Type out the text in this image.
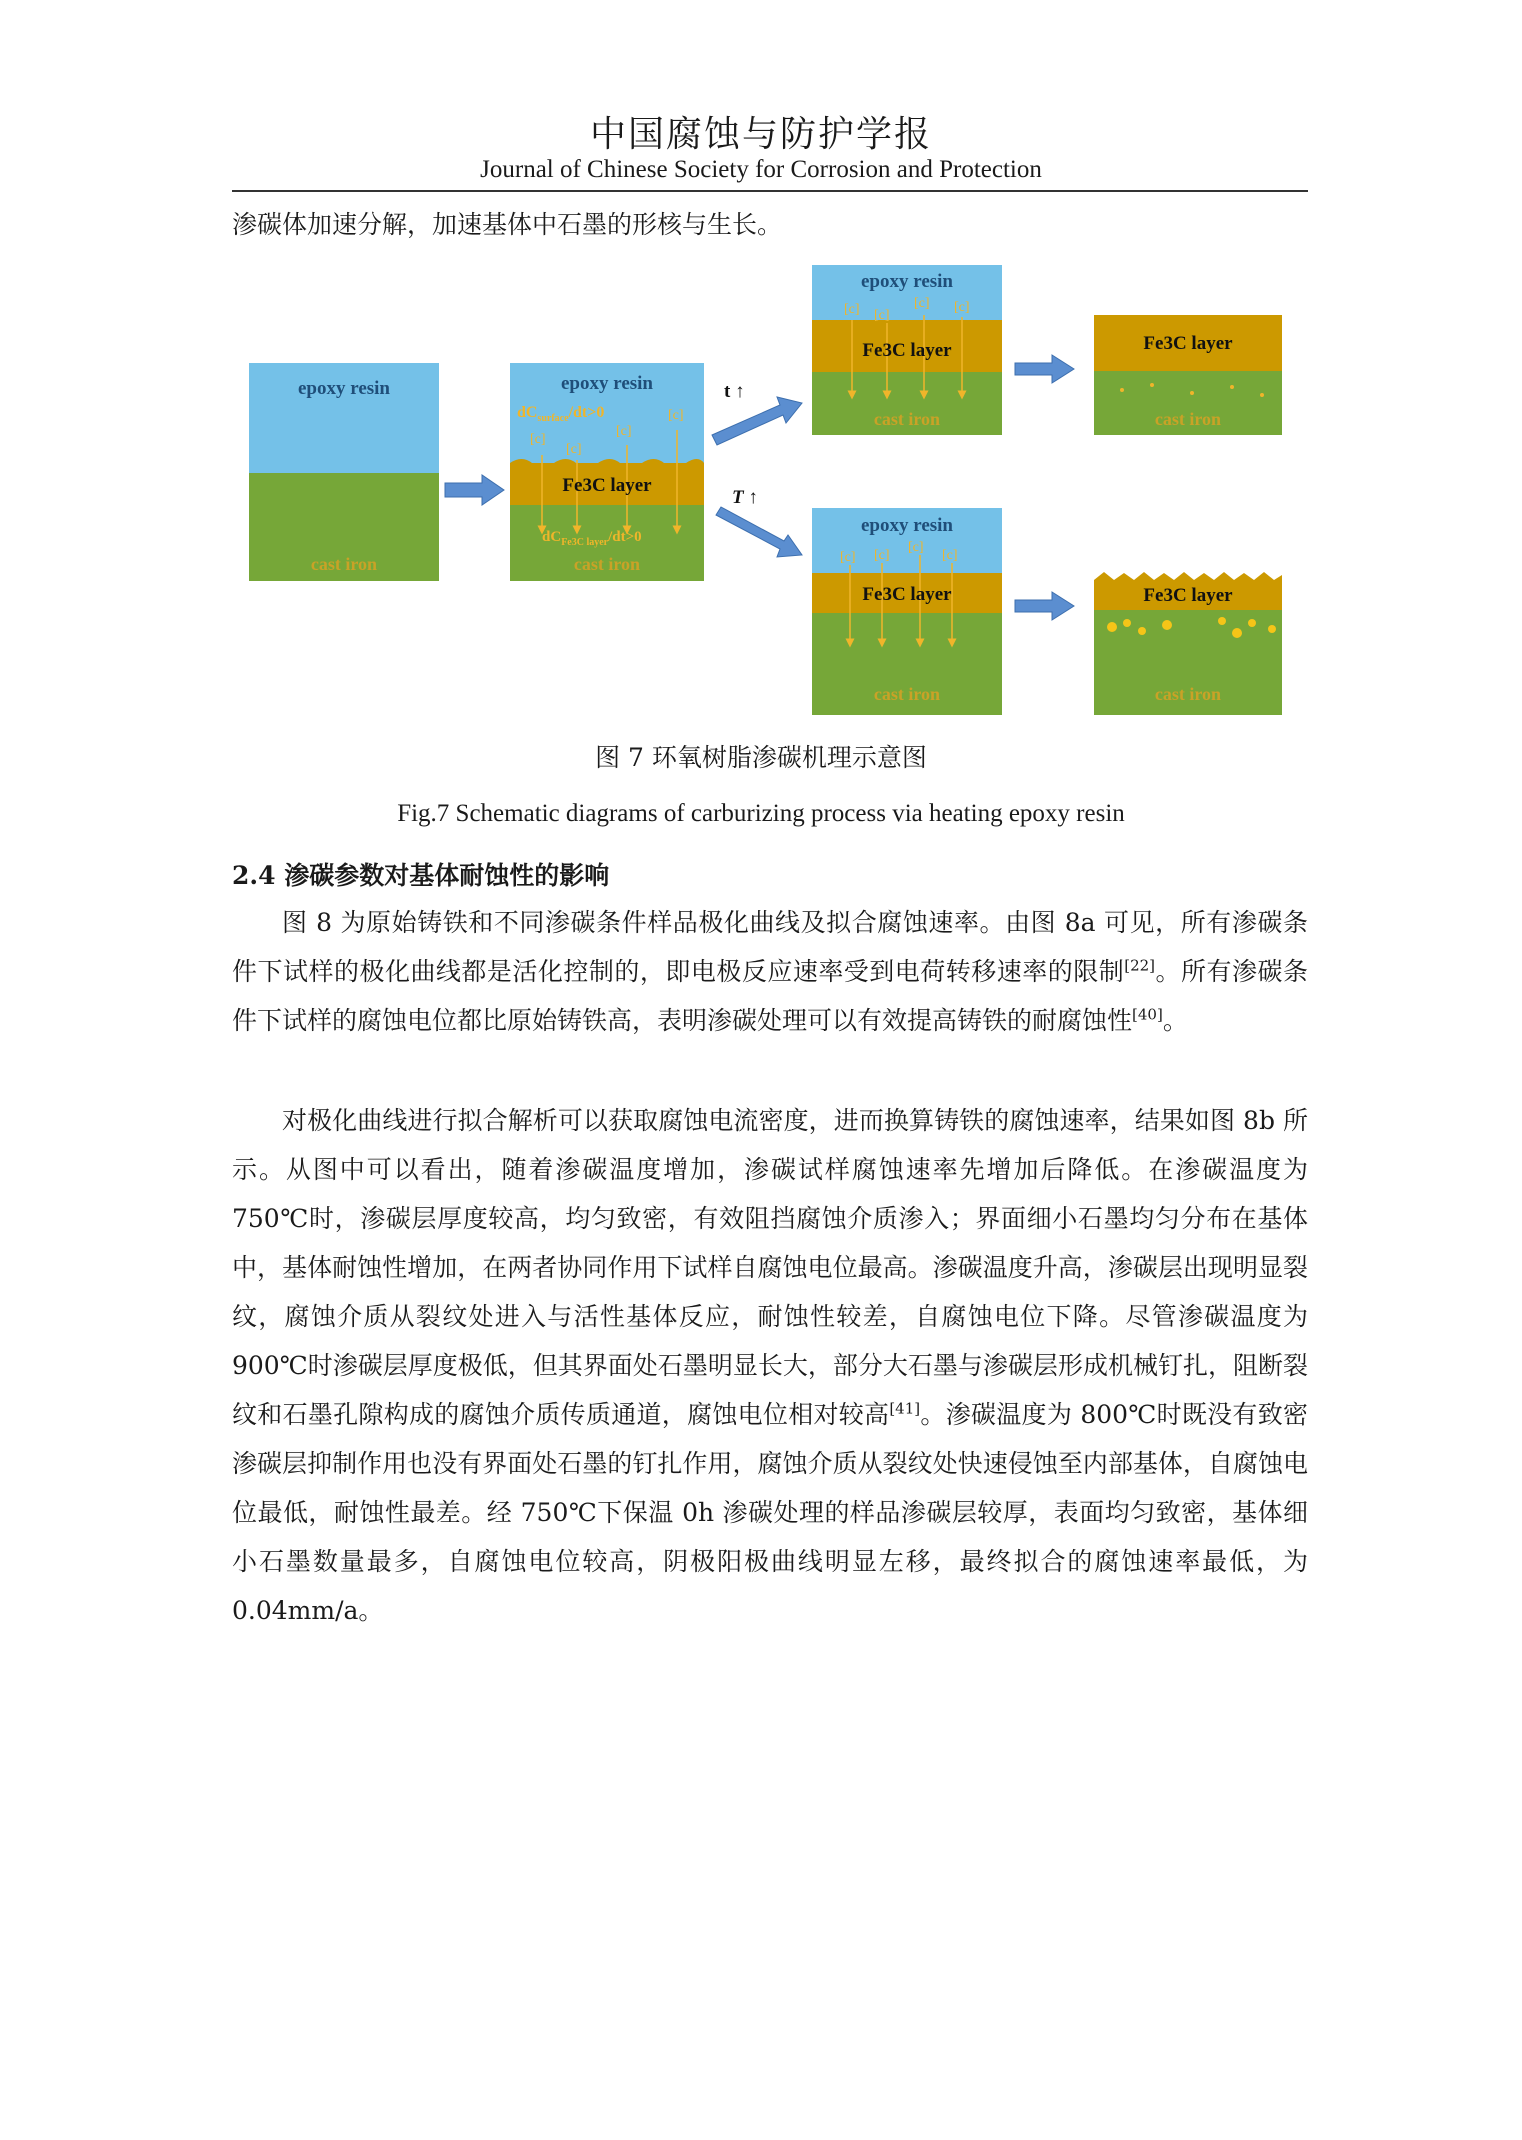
中国腐蚀与防护学报
Journal of Chinese Society for Corrosion and Protection
渗碳体加速分解，加速基体中石墨的形核与生长。
epoxy resin
cast iron
epoxy resin
$dC_{surface}/dt>0$
[c]
[c]
[c]
[c]
Fe3C layer
$dC_{Fe3C layer}/dt>0$
cast iron
t ↑
T ↑
epoxy resin
[c] [c]
[c] [c]
Fe3C layer
cast iron
Fe3C layer
cast iron
epoxy resin
[c] [c]
[c]
[c]
Fe3C layer
cast iron
Fe3C layer
cast iron
图 7 环氧树脂渗碳机理示意图
Fig.7 Schematic diagrams of carburizing process via heating epoxy resin
2.4 渗碳参数对基体耐蚀性的影响

图 8 为原始铸铁和不同渗碳条件样品极化曲线及拟合腐蚀速率。由图 8a 可见，所有渗碳条件下试样的极化曲线都是活化控制的，即电极反应速率受到电荷转移速率的限制[22]。所有渗碳条件下试样的腐蚀电位都比原始铸铁高，表明渗碳处理可以有效提高铸铁的耐腐蚀性[40]。

对极化曲线进行拟合解析可以获取腐蚀电流密度，进而换算铸铁的腐蚀速率，结果如图 8b 所示。从图中可以看出，随着渗碳温度增加，渗碳试样腐蚀速率先增加后降低。在渗碳温度为 750℃时，渗碳层厚度较高，均匀致密，有效阻挡腐蚀介质渗入；界面细小石墨均匀分布在基体中，基体耐蚀性增加，在两者协同作用下试样自腐蚀电位最高。渗碳温度升高，渗碳层出现明显裂纹，腐蚀介质从裂纹处进入与活性基体反应，耐蚀性较差，自腐蚀电位下降。尽管渗碳温度为 900℃时渗碳层厚度极低，但其界面处石墨明显长大，部分大石墨与渗碳层形成机械钉扎，阻断裂纹和石墨孔隙构成的腐蚀介质传质通道，腐蚀电位相对较高[41]。渗碳温度为 800℃时既没有致密渗碳层抑制作用也没有界面处石墨的钉扎作用，腐蚀介质从裂纹处快速侵蚀至内部基体，自腐蚀电位最低，耐蚀性最差。经 750℃下保温 0h 渗碳处理的样品渗碳层较厚，表面均匀致密，基体细小石墨数量最多，自腐蚀电位较高，阴极阳极曲线明显左移，最终拟合的腐蚀速率最低，为 0.04mm/a。
